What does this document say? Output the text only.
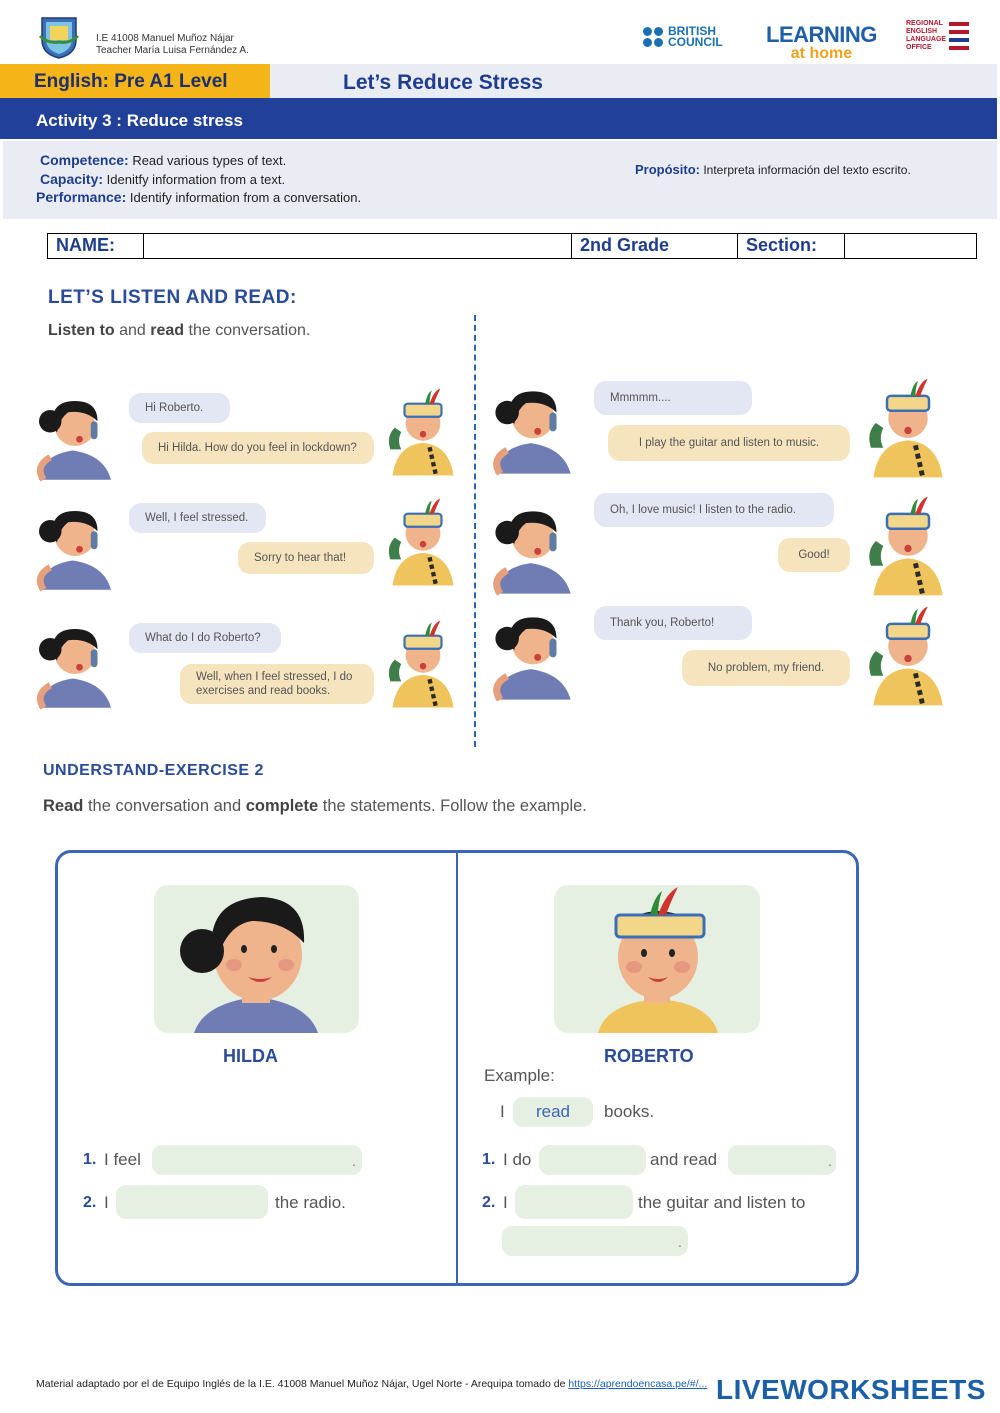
I.E 41008 Manuel Muñoz Nájar
Teacher María Luisa Fernández A.
BRITISH
COUNCIL LEARNING
at home
REGIONAL
ENGLISH
LANGUAGE
OFFICE
English: Pre A1 Level	Let’s Reduce Stress
Activity 3 : Reduce stress
Competence: Read various types of text.
Capacity: Idenitfy information from a text.
Performance: Identify information from a conversation.
Propósito: Interpreta información del texto escrito.
NAME:	2nd Grade	Section:
LET’S LISTEN AND READ:
Listen to and read the conversation.
Hi Roberto.
Hi Hilda. How do you feel in lockdown?
Well, I feel stressed.
Sorry to hear that!
What do I do Roberto?
Well, when I feel stressed, I do exercises and read books.
Mmmmm....
I play the guitar and listen to music.
Oh, I love music! I listen to the radio.
Good!
Thank you, Roberto!
No problem, my friend.
UNDERSTAND-EXERCISE 2
Read the conversation and complete the statements. Follow the example.
HILDA	ROBERTO
Example:
I	read	books.
1. I feel	.
2. I	the radio.
1. I do	and read	.
2. I	the guitar and listen to
.
Material adaptado por el de Equipo Inglés de la I.E. 41008 Manuel Muñoz Nájar, Ugel Norte - Arequipa tomado de https://aprendoencasa.pe/#/... LIVEWORKSHEETS
